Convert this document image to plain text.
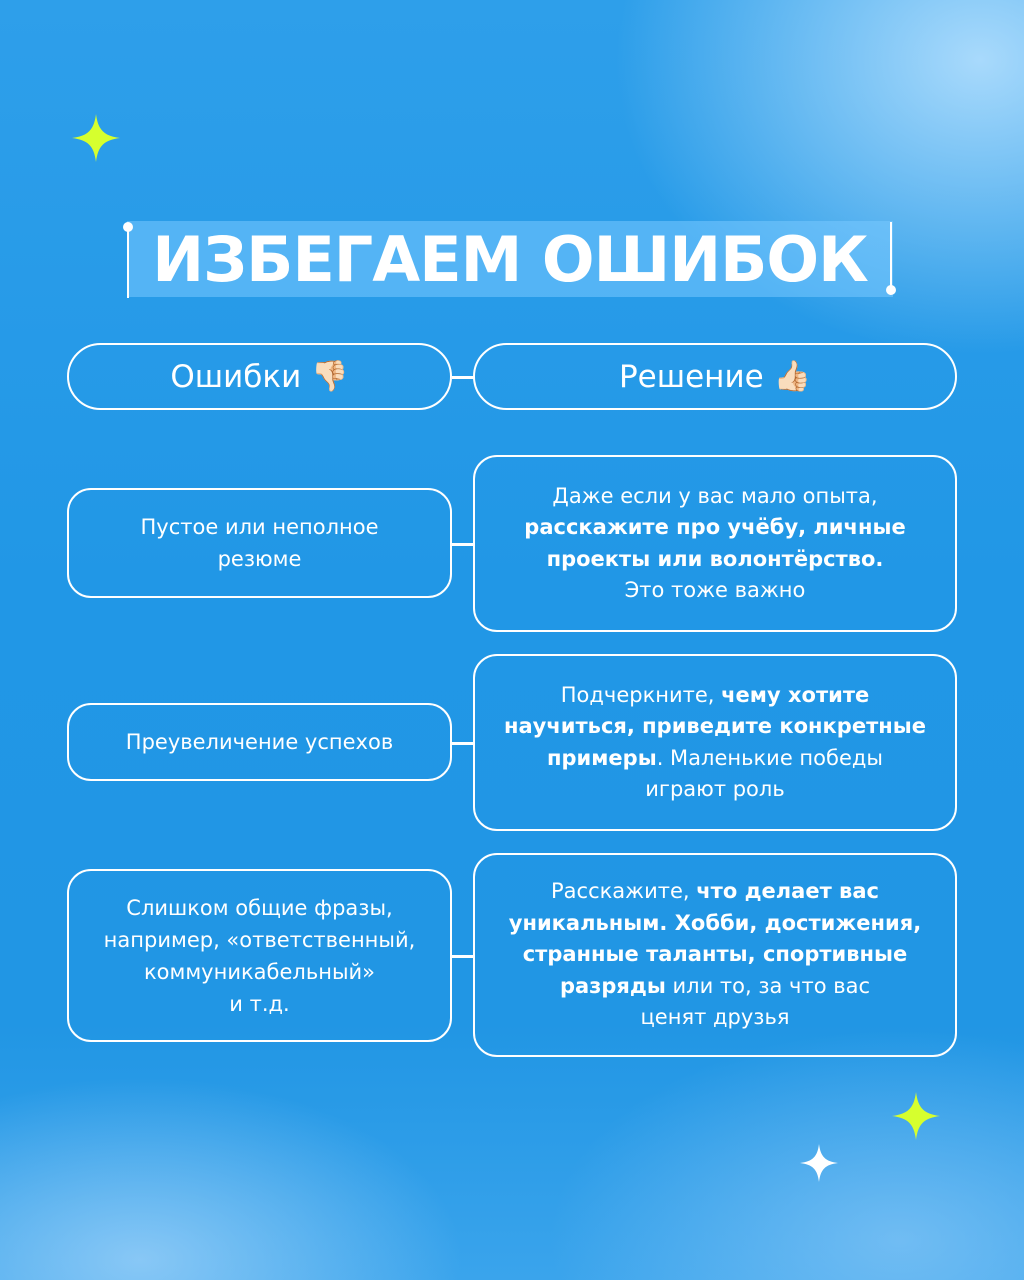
ИЗБЕГАЕМ ОШИБОК
Ошибки 👎🏻	Решение 👍🏻
Пустое или неполное
резюме
Даже если у вас мало опыта,
расскажите про учёбу, личные
проекты или волонтёрство.
Это тоже важно
Преувеличение успехов
Подчеркните, чему хотите
научиться, приведите конкретные
примеры. Маленькие победы
играют роль
Слишком общие фразы,
например, «ответственный,
коммуникабельный»
и т.д.
Расскажите, что делает вас
уникальным. Хобби, достижения,
странные таланты, спортивные
разряды или то, за что вас
ценят друзья
